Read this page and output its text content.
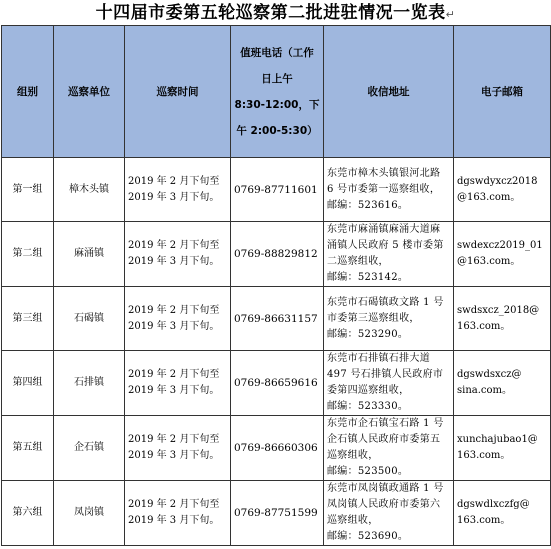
十四届市委第五轮巡察第二批进驻情况一览表↵
组别	巡察单位	巡察时间	值班电话（工作
日上午
8:30-12:00，下
午 2:00-5:30）	收信地址	电子邮箱
第一组	樟木头镇	2019 年 2 月下旬至
2019 年 3 月下旬。	0769-87711601	东莞市樟木头镇银河北路
6 号市委第一巡察组收，
邮编：523616。	dgswdyxcz2018
@163.com。

第二组	麻涌镇	2019 年 2 月下旬至
2019 年 3 月下旬。	0769-88829812	东莞市麻涌镇麻涌大道麻
涌镇人民政府 5 楼市委第
二巡察组收，
邮编：523142。	swdexcz2019_01
@163.com。

第三组	石碣镇	2019 年 2 月下旬至
2019 年 3 月下旬。	0769-86631157	东莞市石碣镇政文路 1 号
市委第三巡察组收，
邮编：523290。	swdsxcz_2018@
163.com。

第四组	石排镇	2019 年 2 月下旬至
2019 年 3 月下旬。	0769-86659616	东莞市石排镇石排大道
497 号石排镇人民政府市
委第四巡察组收，
邮编：523330。	dgswdsxcz@
sina.com。

第五组	企石镇	2019 年 2 月下旬至
2019 年 3 月下旬。	0769-86660306	东莞市企石镇宝石路 1 号
企石镇人民政府市委第五
巡察组收，
邮编：523500。	xunchajubao1@
163.com。

第六组	凤岗镇	2019 年 2 月下旬至
2019 年 3 月下旬。	0769-87751599	东莞市凤岗镇政通路 1 号
凤岗镇人民政府市委第六
巡察组收，
邮编：523690。	dgswdlxczfg@
163.com。
